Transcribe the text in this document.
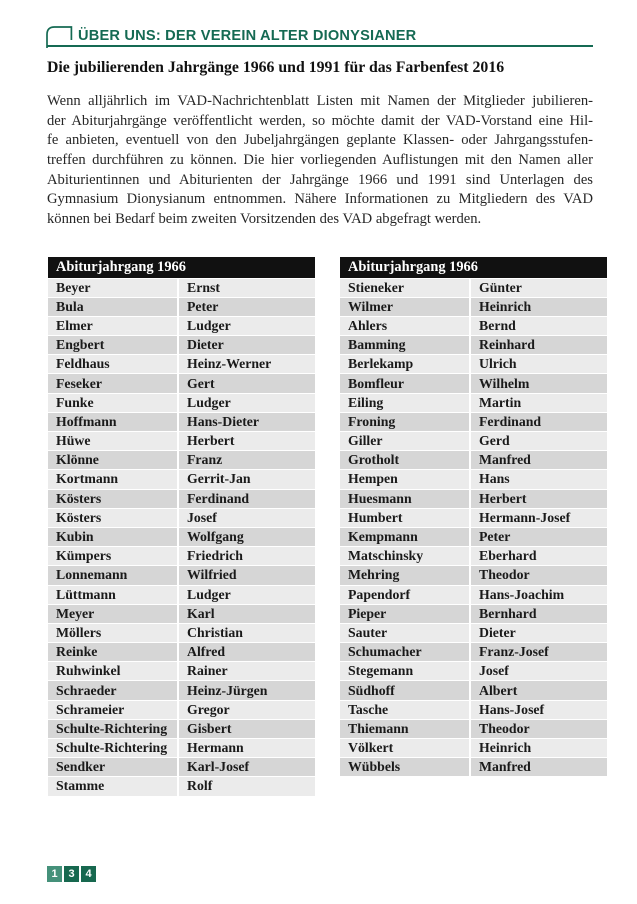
ÜBER UNS: DER VEREIN ALTER DIONYSIANER
Die jubilierenden Jahrgänge 1966 und 1991 für das Farbenfest 2016
Wenn alljährlich im VAD-Nachrichtenblatt Listen mit Namen der Mitglieder jubilieren-
der Abiturjahrgänge veröffentlicht werden, so möchte damit der VAD-Vorstand eine Hil-
fe anbieten, eventuell von den Jubeljahrgängen geplante Klassen- oder Jahrgangsstufen-
treffen durchführen zu können. Die hier vorliegenden Auflistungen mit den Namen aller
Abiturientinnen und Abiturienten der Jahrgänge 1966 und 1991 sind Unterlagen des
Gymnasium Dionysianum entnommen. Nähere Informationen zu Mitgliedern des VAD
können bei Bedarf beim zweiten Vorsitzenden des VAD abgefragt werden.
Abiturjahrgang 1966
Beyer	Ernst
Bula	Peter
Elmer	Ludger
Engbert	Dieter
Feldhaus	Heinz-Werner
Feseker	Gert
Funke	Ludger
Hoffmann	Hans-Dieter
Hüwe	Herbert
Klönne	Franz
Kortmann	Gerrit-Jan
Kösters	Ferdinand
Kösters	Josef
Kubin	Wolfgang
Kümpers	Friedrich
Lonnemann	Wilfried
Lüttmann	Ludger
Meyer	Karl
Möllers	Christian
Reinke	Alfred
Ruhwinkel	Rainer
Schraeder	Heinz-Jürgen
Schrameier	Gregor
Schulte-Richtering	Gisbert
Schulte-Richtering	Hermann
Sendker	Karl-Josef
Stamme	Rolf
Abiturjahrgang 1966
Stieneker	Günter
Wilmer	Heinrich
Ahlers	Bernd
Bamming	Reinhard
Berlekamp	Ulrich
Bomfleur	Wilhelm
Eiling	Martin
Froning	Ferdinand
Giller	Gerd
Grotholt	Manfred
Hempen	Hans
Huesmann	Herbert
Humbert	Hermann-Josef
Kempmann	Peter
Matschinsky	Eberhard
Mehring	Theodor
Papendorf	Hans-Joachim
Pieper	Bernhard
Sauter	Dieter
Schumacher	Franz-Josef
Stegemann	Josef
Südhoff	Albert
Tasche	Hans-Josef
Thiemann	Theodor
Völkert	Heinrich
Wübbels	Manfred
1 3 4
